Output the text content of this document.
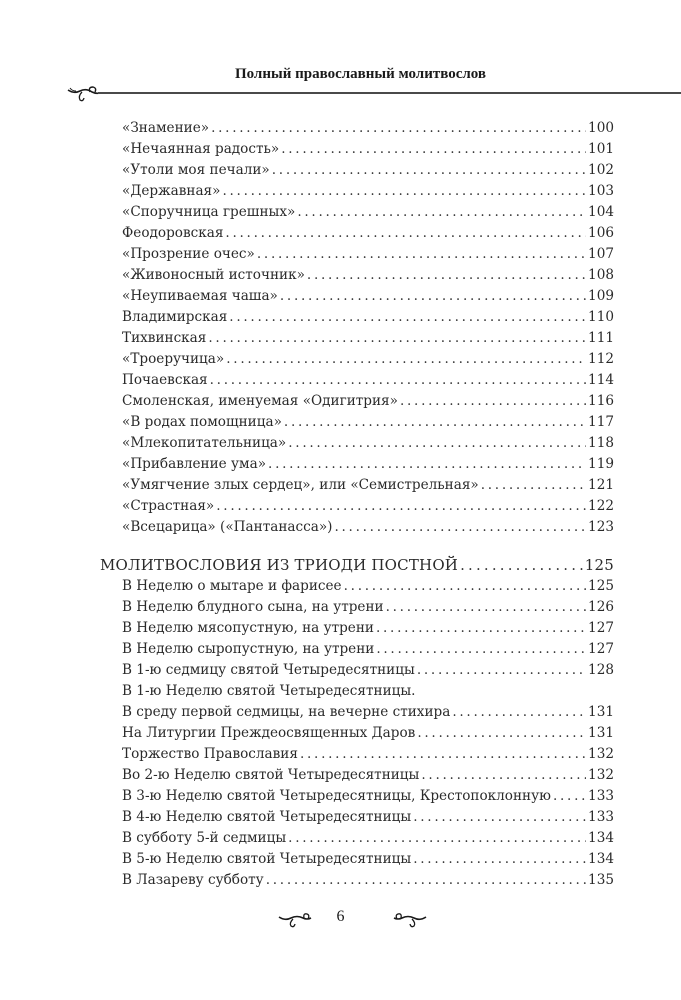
Полный православный молитвослов
«Знамение» . . .	100
«Нечаянная радость» . . .	101
«Утоли моя печали» . . .	102
«Державная» . . .	103
«Споручница грешных» . . .	104
Феодоровская . . .	106
«Прозрение очес» . . .	107
«Живоносный источник» . . .	108
«Неупиваемая чаша» . . .	109
Владимирская . . .	110
Тихвинская . . .	111
«Троеручица» . . .	112
Почаевская . . .	114
Смоленская, именуемая «Одигитрия» . . .	116
«В родах помощница» . . .	117
«Млекопитательница» . . .	118
«Прибавление ума» . . .	119
«Умягчение злых сердец», или «Семистрельная» . . .	121
«Страстная» . . .	122
«Всецарица» («Пантанасса») . . .	123
МОЛИТВОСЛОВИЯ ИЗ ТРИОДИ ПОСТНОЙ . . .	125
В Неделю о мытаре и фарисее . . .	125
В Неделю блудного сына, на утрени . . .	126
В Неделю мясопустную, на утрени . . .	127
В Неделю сыропустную, на утрени . . .	127
В 1-ю седмицу святой Четыредесятницы . . .	128
В 1-ю Неделю святой Четыредесятницы.
В среду первой седмицы, на вечерне стихира . . .	131
На Литургии Преждеосвященных Даров . . .	131
Торжество Православия . . .	132
Во 2-ю Неделю святой Четыредесятницы . . .	132
В 3-ю Неделю святой Четыредесятницы, Крестопоклонную . . .	133
В 4-ю Неделю святой Четыредесятницы . . .	133
В субботу 5-й седмицы . . .	134
В 5-ю Неделю святой Четыредесятницы . . .	134
В Лазареву субботу . . .	135
6
